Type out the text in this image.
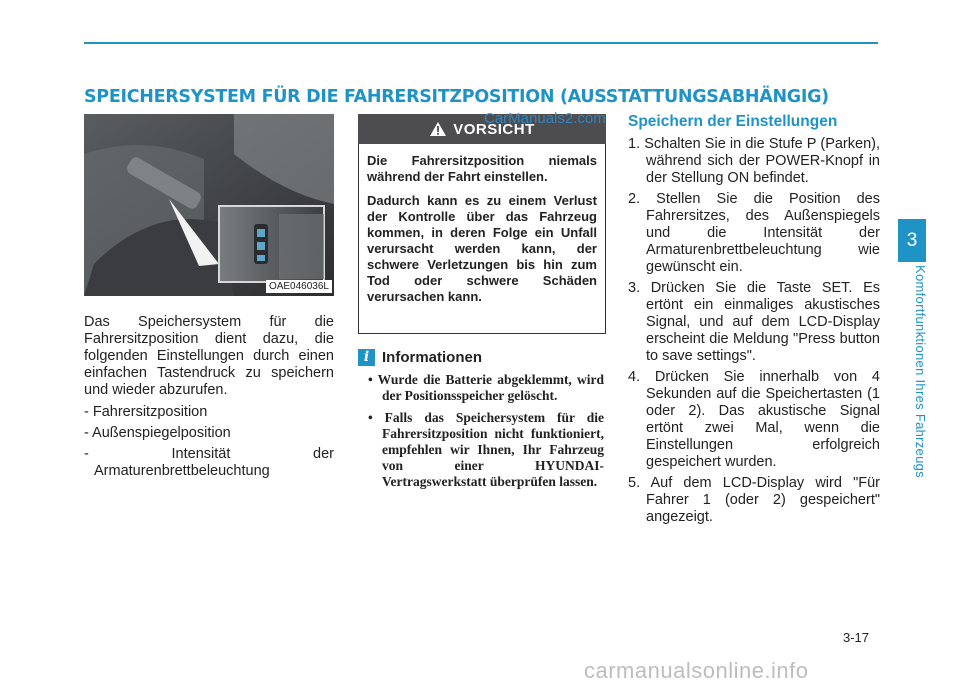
SPEICHERSYSTEM FÜR DIE FAHRERSITZPOSITION (AUSSTATTUNGSABHÄNGIG)
OAE046036L

Das Speichersystem für die Fahrersitzposition dient dazu, die folgenden Einstellungen durch einen einfachen Tastendruck zu speichern und wieder abzurufen.

- Fahrersitzposition
- Außenspiegelposition
- Intensität der Armaturenbrettbeleuchtung
VORSICHT
CarManuals2.com

Die Fahrersitzposition niemals während der Fahrt einstellen.

Dadurch kann es zu einem Verlust der Kontrolle über das Fahrzeug kommen, in deren Folge ein Unfall verursacht werden kann, der schwere Verletzungen bis hin zum Tod oder schwere Schäden verursachen kann.

i Informationen
• Wurde die Batterie abgeklemmt, wird der Positionsspeicher gelöscht.
• Falls das Speichersystem für die Fahrersitzposition nicht funktioniert, empfehlen wir Ihnen, Ihr Fahrzeug von einer HYUNDAI-Vertragswerkstatt überprüfen lassen.
Speichern der Einstellungen
1. Schalten Sie in die Stufe P (Parken), während sich der POWER-Knopf in der Stellung ON befindet.
2. Stellen Sie die Position des Fahrersitzes, des Außenspiegels und die Intensität der Armaturenbrettbeleuchtung wie gewünscht ein.
3. Drücken Sie die Taste SET. Es ertönt ein einmaliges akustisches Signal, und auf dem LCD-Display erscheint die Meldung "Press button to save settings".
4. Drücken Sie innerhalb von 4 Sekunden auf die Speichertasten (1 oder 2). Das akustische Signal ertönt zwei Mal, wenn die Einstellungen erfolgreich gespeichert wurden.
5. Auf dem LCD-Display wird "Für Fahrer 1 (oder 2) gespeichert" angezeigt.
3
Komfortfunktionen Ihres Fahrzeugs
3-17
carmanualsonline.info
